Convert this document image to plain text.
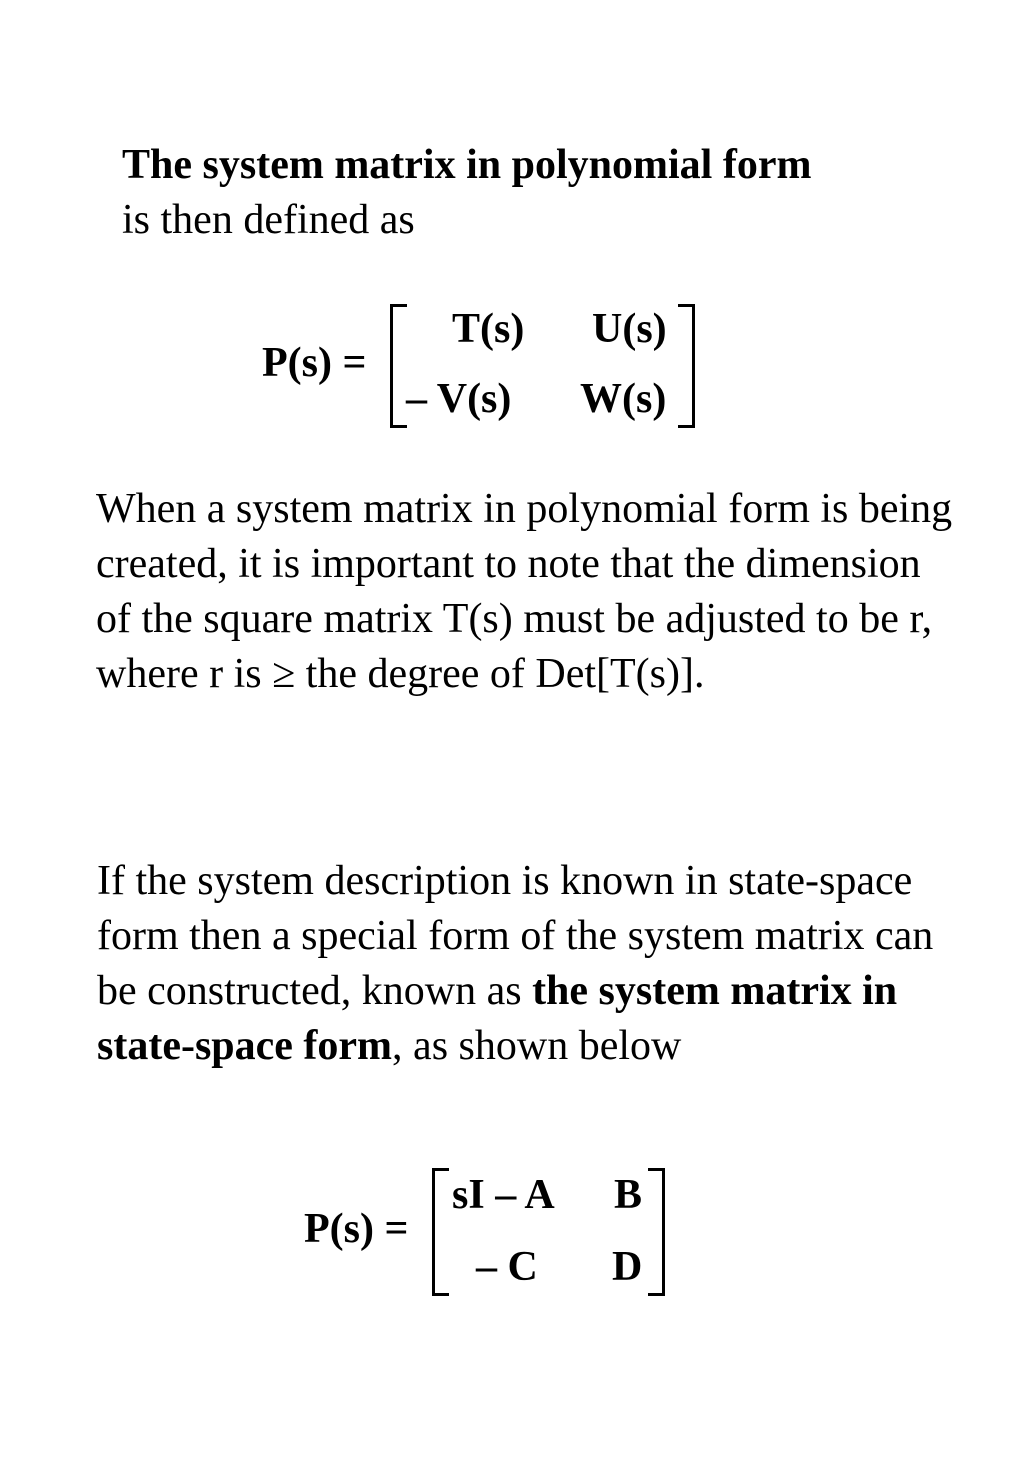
The system matrix in polynomial form
is then defined as

P(s) =
T(s) U(s)
– V(s) W(s)

When a system matrix in polynomial form is being created, it is important to note that the dimension of the square matrix T(s) must be adjusted to be r, where r is ≥ the degree of Det[T(s)].

If the system description is known in state-space form then a special form of the system matrix can be constructed, known as the system matrix in state-space form, as shown below

P(s) =
sI – A B
– C D
